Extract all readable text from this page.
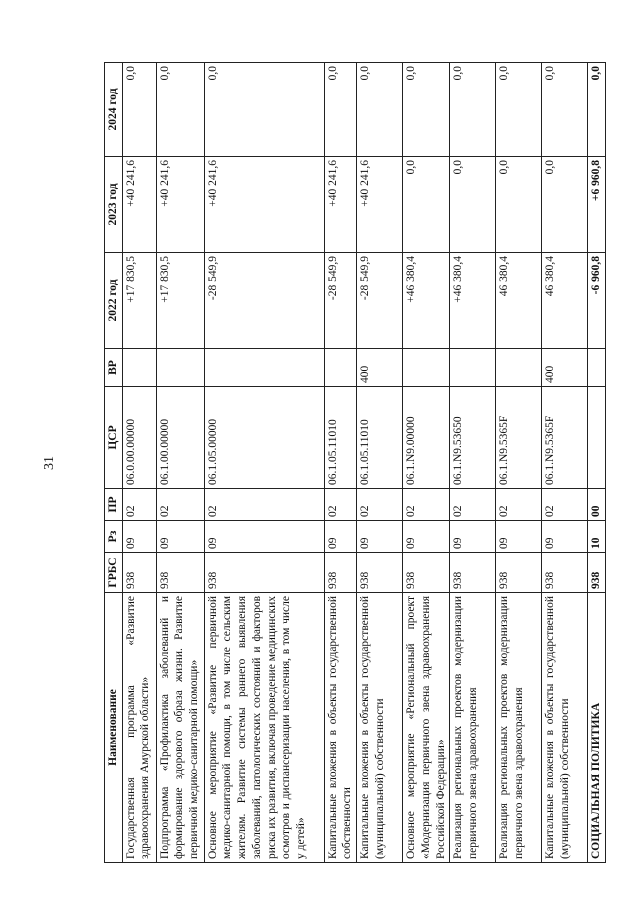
31
Наименование	ГРБС	Рз	ПР	ЦСР	ВР	2022 год	2023 год	2024 год
Государственная программа «Развитие здравоохранения Амурской области»	938	09	02	06.0.00.00000		+17 830,5	+40 241,6	0,0
Подпрограмма «Профилактика заболеваний и формирование здорового образа жизни. Развитие первичной медико-санитарной помощи»	938	09	02	06.1.00.00000		+17 830,5	+40 241,6	0,0
Основное мероприятие «Развитие первичной медико-санитарной помощи, в том числе сельским жителям. Развитие системы раннего выявления заболеваний, патологических состояний и факторов риска их развития, включая проведение медицинских осмотров и диспансеризации населения, в том числе у детей»	938	09	02	06.1.05.00000		-28 549,9	+40 241,6	0,0
Капитальные вложения в объекты государственной собственности	938	09	02	06.1.05.11010		-28 549,9	+40 241,6	0,0
Капитальные вложения в объекты государственной (муниципальной) собственности	938	09	02	06.1.05.11010	400	-28 549,9	+40 241,6	0,0
Основное мероприятие «Региональный проект «Модернизация первичного звена здравоохранения Российской Федерации»	938	09	02	06.1.N9.00000		+46 380,4	0,0	0,0
Реализация региональных проектов модернизации первичного звена здравоохранения	938	09	02	06.1.N9.53650		+46 380,4	0,0	0,0
Реализация региональных проектов модернизации первичного звена здравоохранения	938	09	02	06.1.N9.5365F		46 380,4	0,0	0,0
Капитальные вложения в объекты государственной (муниципальной) собственности	938	09	02	06.1.N9.5365F	400	46 380,4	0,0	0,0
СОЦИАЛЬНАЯ ПОЛИТИКА	938	10	00			-6 960,8	+6 960,8	0,0
